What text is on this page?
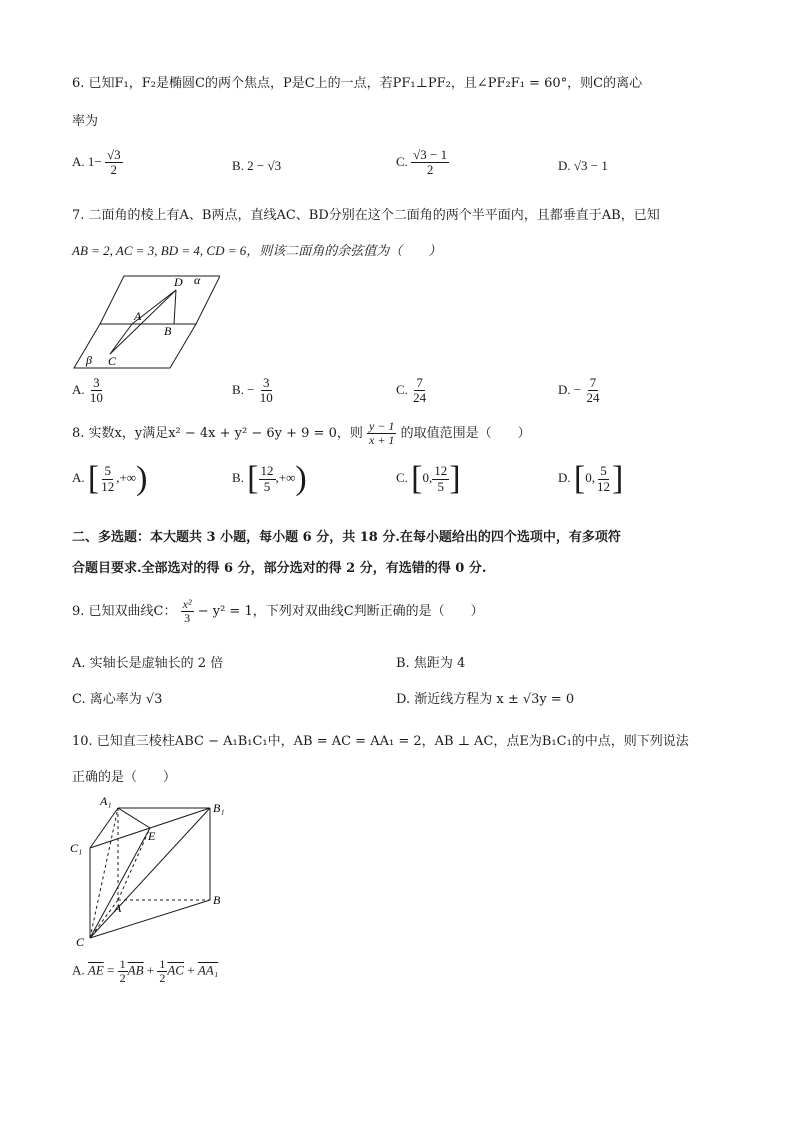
6. 已知F₁，F₂是椭圆C的两个焦点，P是C上的一点，若PF₁⊥PF₂，且∠PF₂F₁ = 60°，则C的离心
率为
A. $1- \frac{√3}{2}$	B. 2 − √3	C. $\frac{√3 - 1}{2}$	D. √3 − 1
7. 二面角的棱上有A、B两点，直线AC、BD分别在这个二面角的两个半平面内，且都垂直于AB，已知
AB = 2, AC = 3, BD = 4, CD = 6，则该二面角的余弦值为（　　）
D α
A
B
β C
A. $\frac{3}{10}$	B. − $\frac{3}{10}$	C. $\frac{7}{24}$	D. − $\frac{7}{24}$
8. 实数x，y满足x² − 4x + y² − 6y + 9 = 0，则 $\frac{y - 1}{x + 1}$ 的取值范围是（　　）
A. [ $\frac{5}{12}$ ,+∞)	B. [ $\frac{12}{5}$ ,+∞)	C. [0, $\frac{12}{5}$ ]	D. [0, $\frac{5}{12}$ ]
二、多选题：本大题共 3 小题，每小题 6 分，共 18 分.在每小题给出的四个选项中，有多项符
合题目要求.全部选对的得 6 分，部分选对的得 2 分，有选错的得 0 分.
9. 已知双曲线C： $\frac{\text{x²}}{3} - y^2 = 1$，下列对双曲线C判断正确的是（　　）
A. 实轴长是虚轴长的 2 倍	B. 焦距为 4
C. 离心率为 √3	D. 渐近线方程为 x ± √3y = 0
10. 已知直三棱柱ABC − A₁B₁C₁中，AB = AC = AA₁ = 2，AB ⊥ AC，点E为B₁C₁的中点，则下列说法
正确的是（　　）
A₁	B₁
C₁
E
A
B
C
A. $\overline{AE} = \frac{1}{2} \overline{AB} + \frac{1}{2} \overline{AC} + AA_1$
